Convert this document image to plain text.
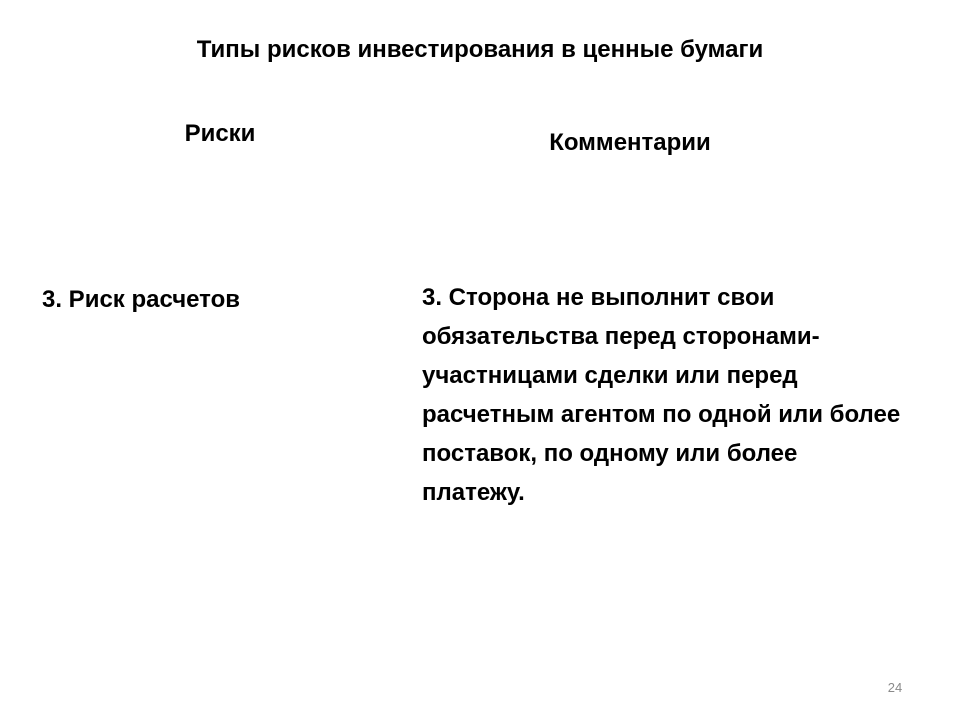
Типы рисков инвестирования в ценные бумаги
Риски	Комментарии
3. Риск расчетов	3. Сторона не выполнит свои обязательства перед сторонами-участницами сделки или перед расчетным агентом по одной или более поставок, по одному или более платежу.
24
